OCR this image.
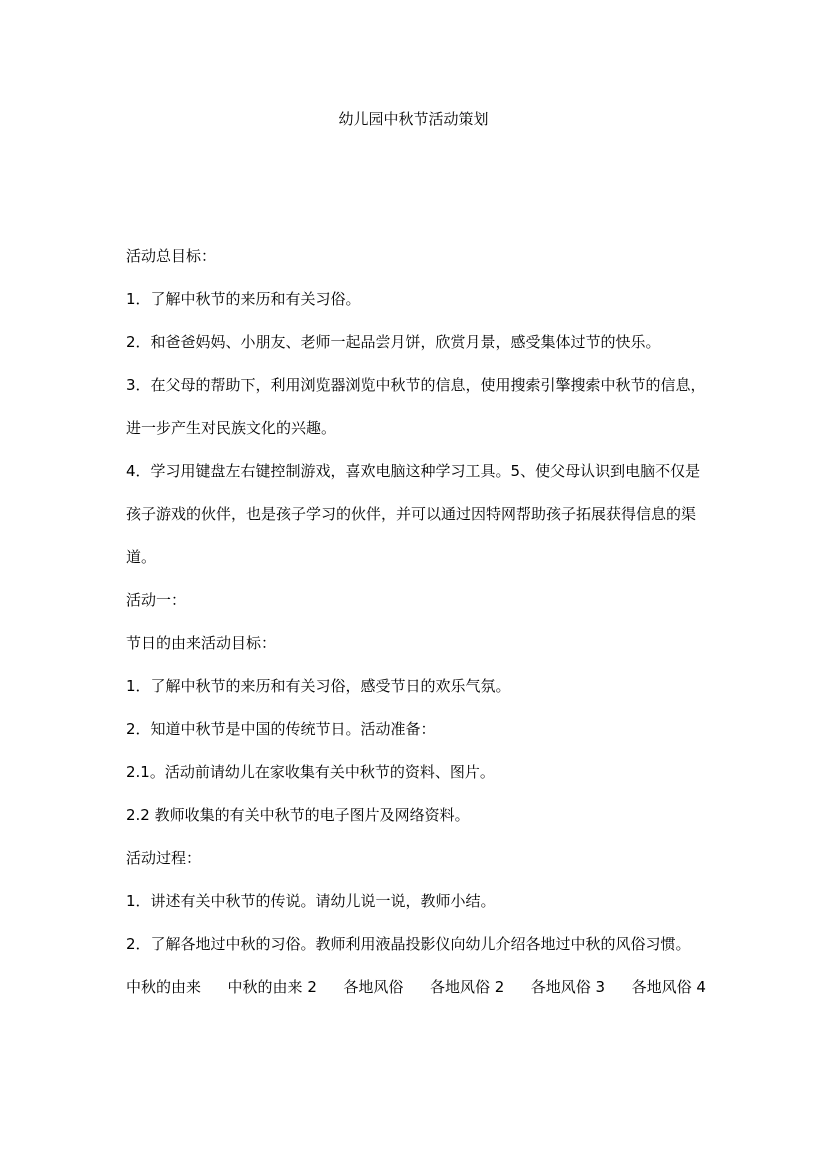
幼儿园中秋节活动策划

活动总目标：

1．了解中秋节的来历和有关习俗。

2．和爸爸妈妈、小朋友、老师一起品尝月饼，欣赏月景，感受集体过节的快乐。

3．在父母的帮助下，利用浏览器浏览中秋节的信息，使用搜索引擎搜索中秋节的信息，进一步产生对民族文化的兴趣。

4．学习用键盘左右键控制游戏，喜欢电脑这种学习工具。5、使父母认识到电脑不仅是孩子游戏的伙伴，也是孩子学习的伙伴，并可以通过因特网帮助孩子拓展获得信息的渠道。

活动一：

节日的由来活动目标：

1．了解中秋节的来历和有关习俗，感受节日的欢乐气氛。

2．知道中秋节是中国的传统节日。活动准备：

2.1。活动前请幼儿在家收集有关中秋节的资料、图片。

2.2 教师收集的有关中秋节的电子图片及网络资料。

活动过程：

1．讲述有关中秋节的传说。请幼儿说一说，教师小结。

2．了解各地过中秋的习俗。教师利用液晶投影仪向幼儿介绍各地过中秋的风俗习惯。

中秋的由来 中秋的由来 2 各地风俗 各地风俗 2 各地风俗 3 各地风俗 4
